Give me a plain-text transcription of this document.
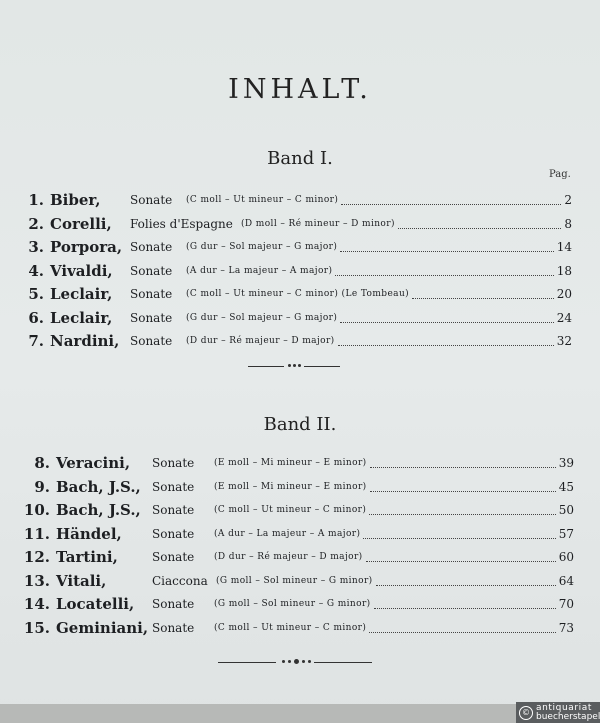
INHALT.
Band I.
Pag.
1. Biber, Sonate (C moll – Ut mineur – C minor)	2
2. Corelli, Folies d'Espagne (D moll – Ré mineur – D minor)	8
3. Porpora, Sonate (G dur – Sol majeur – G major)	14
4. Vivaldi, Sonate (A dur – La majeur – A major)	18
5. Leclair, Sonate (C moll – Ut mineur – C minor) (Le Tombeau)	20
6. Leclair, Sonate (G dur – Sol majeur – G major)	24
7. Nardini, Sonate (D dur – Ré majeur – D major)	32
Band II.
8. Veracini, Sonate (E moll – Mi mineur – E minor)	39
9. Bach, J.S., Sonate (E moll – Mi mineur – E minor)	45
10. Bach, J.S., Sonate (C moll – Ut mineur – C minor)	50
11. Händel,	Sonate (A dur – La majeur – A major)	57
12. Tartini,	Sonate (D dur – Ré majeur – D major)	60
13. Vitali,	Ciaccona (G moll – Sol mineur – G minor)	64
14. Locatelli, Sonate (G moll – Sol mineur – G minor)	70
15. Geminiani, Sonate (C moll – Ut mineur – C minor)	73
© antiquariat
buecherstapel
